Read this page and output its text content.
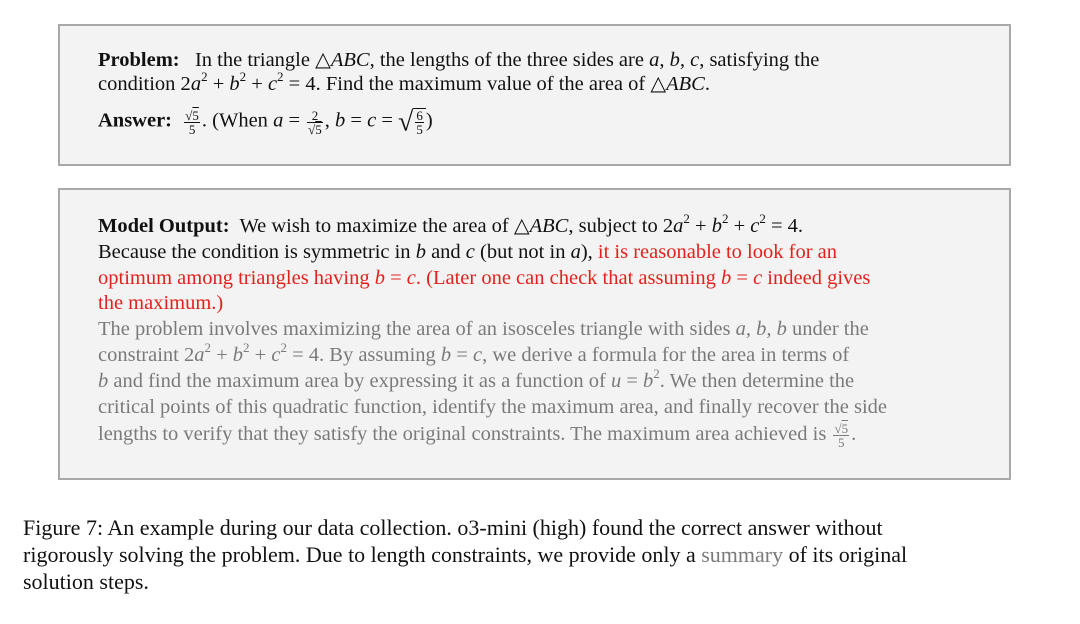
Problem:   In the triangle △ABC, the lengths of the three sides are a, b, c, satisfying the
condition $2a^2 + b^2 + c^2 = 4$. Find the maximum value of the area of △ABC.
Answer: $\frac{√5}{5}$ . (When $a = \frac{2}{√5}$ , b = c = √ $\frac{6}{5}$ )
Model Output:  We wish to maximize the area of △ABC, subject to $2a^2 + b^2 + c^2 = 4$.
Because the condition is symmetric in b and c (but not in a), it is reasonable to look for an
optimum among triangles having b = c. (Later one can check that assuming b = c indeed gives
the maximum.)
The problem involves maximizing the area of an isosceles triangle with sides a, b, b under the
constraint $2a^2 + b^2 + c^2 = 4$. By assuming b = c, we derive a formula for the area in terms of
b and find the maximum area by expressing it as a function of $u = b^2$. We then determine the
critical points of this quadratic function, identify the maximum area, and finally recover the side
lengths to verify that they satisfy the original constraints. The maximum area achieved is $\frac{√5}{5}$ .
Figure 7: An example during our data collection. o3-mini (high) found the correct answer without
rigorously solving the problem. Due to length constraints, we provide only a summary of its original
solution steps.
